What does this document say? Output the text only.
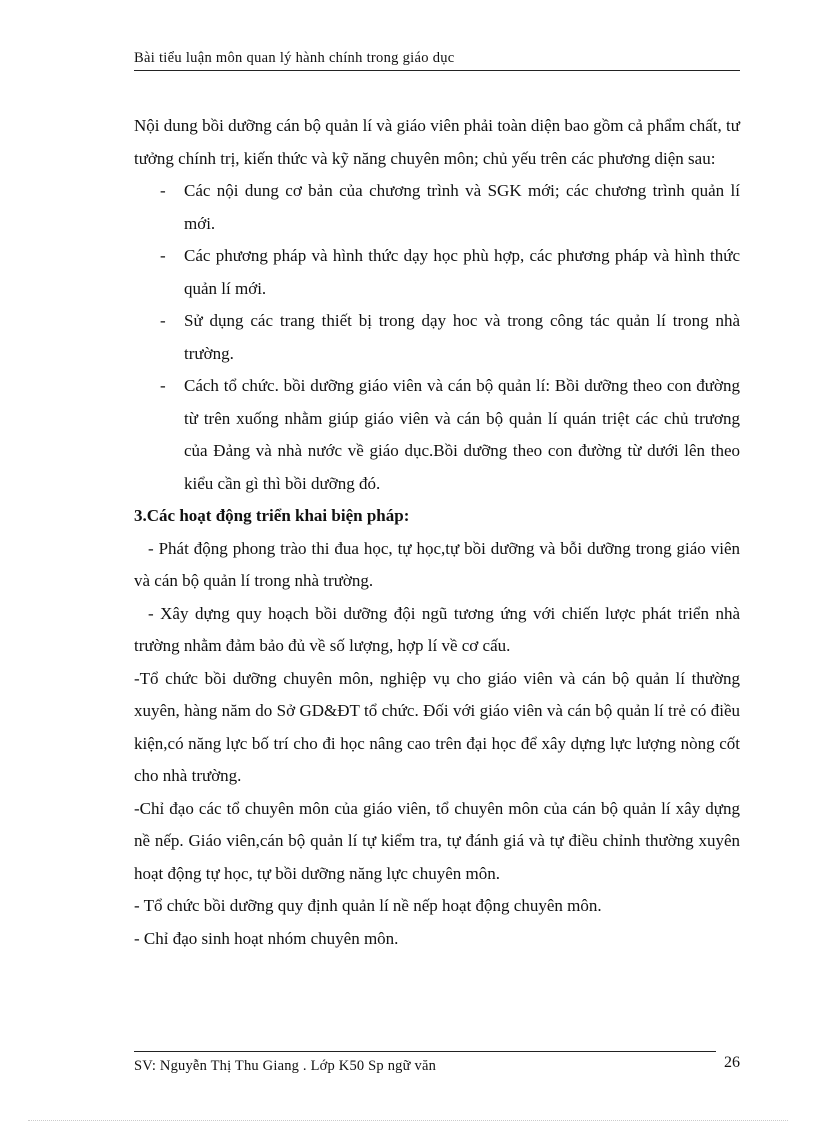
Bài tiểu luận môn quan lý hành chính trong giáo dục

Nội dung bồi dưỡng cán bộ quản lí và giáo viên phải toàn diện bao gồm cả phẩm chất, tư tưởng chính trị, kiến thức và kỹ năng chuyên môn; chủ yếu trên các phương diện sau:

- Các nội dung cơ bản của chương trình và SGK mới; các chương trình quản lí mới.
- Các phương pháp và hình thức dạy học phù hợp, các phương pháp và hình thức quản lí mới.
- Sử dụng các trang thiết bị trong dạy hoc và trong công tác quản lí trong nhà trường.
- Cách tổ chức. bồi dưỡng giáo viên và cán bộ quản lí: Bồi dưỡng theo con đường từ trên xuống nhằm giúp giáo viên và cán bộ quản lí quán triệt các chủ trương của Đảng và nhà nước về giáo dục.Bồi dưỡng theo con đường từ dưới lên theo kiểu cần gì thì bồi dưỡng đó.

3.Các hoạt động triển khai biện pháp:

- Phát động phong trào thi đua học, tự học,tự bồi dưỡng và bỗi dưỡng trong giáo viên và cán bộ quản lí trong nhà trường.

- Xây dựng quy hoạch bồi dưỡng đội ngũ tương ứng với chiến lược phát triển nhà trường nhằm đảm bảo đủ về số lượng, hợp lí về cơ cấu.

-Tổ chức bồi dưỡng chuyên môn, nghiệp vụ cho giáo viên và cán bộ quản lí thường xuyên, hàng năm do Sở GD&ĐT tổ chức. Đối với giáo viên và cán bộ quản lí trẻ có điều kiện,có năng lực bố trí cho đi học nâng cao trên đại học để xây dựng lực lượng nòng cốt cho nhà trường.

-Chỉ đạo các tổ chuyên môn của giáo viên, tổ chuyên môn của cán bộ quản lí xây dựng nề nếp. Giáo viên,cán bộ quản lí tự kiểm tra, tự đánh giá và tự điều chỉnh thường xuyên hoạt động tự học, tự bồi dưỡng năng lực chuyên môn.

- Tổ chức bồi dưỡng quy định quản lí nề nếp hoạt động chuyên môn.

- Chỉ đạo sinh hoạt nhóm chuyên môn.

SV: Nguyễn Thị Thu Giang . Lớp K50 Sp ngữ văn	26
